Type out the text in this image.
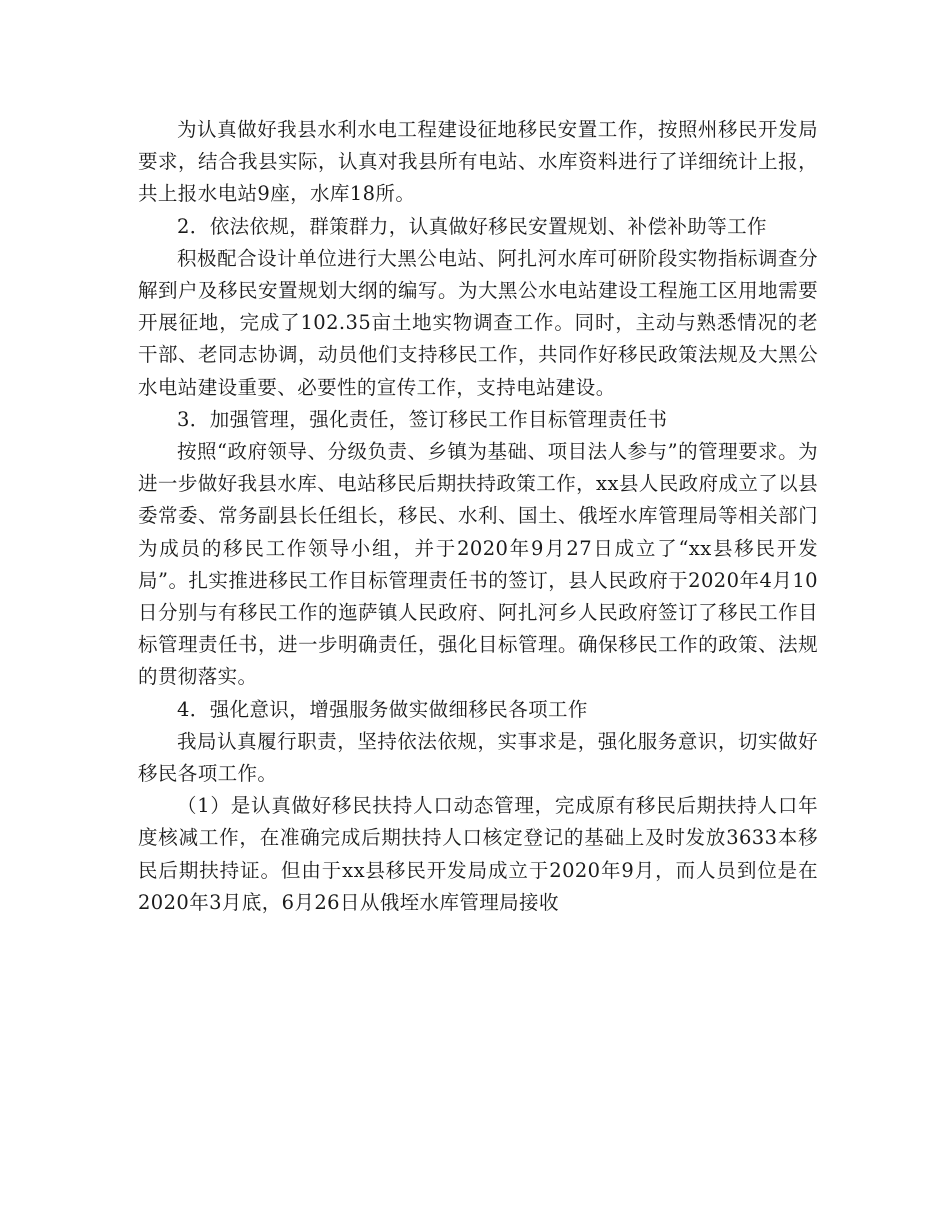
为认真做好我县水利水电工程建设征地移民安置工作，按照州移民开发局要求，结合我县实际，认真对我县所有电站、水库资料进行了详细统计上报，共上报水电站9座，水库18所。

2．依法依规，群策群力，认真做好移民安置规划、补偿补助等工作

积极配合设计单位进行大黑公电站、阿扎河水库可研阶段实物指标调查分解到户及移民安置规划大纲的编写。为大黑公水电站建设工程施工区用地需要开展征地，完成了102.35亩土地实物调查工作。同时，主动与熟悉情况的老干部、老同志协调，动员他们支持移民工作，共同作好移民政策法规及大黑公水电站建设重要、必要性的宣传工作，支持电站建设。

3．加强管理，强化责任，签订移民工作目标管理责任书

按照“政府领导、分级负责、乡镇为基础、项目法人参与”的管理要求。为进一步做好我县水库、电站移民后期扶持政策工作，xx县人民政府成立了以县委常委、常务副县长任组长，移民、水利、国土、俄垤水库管理局等相关部门为成员的移民工作领导小组，并于2020年9月27日成立了“xx县移民开发局”。扎实推进移民工作目标管理责任书的签订，县人民政府于2020年4月10日分别与有移民工作的迤萨镇人民政府、阿扎河乡人民政府签订了移民工作目标管理责任书，进一步明确责任，强化目标管理。确保移民工作的政策、法规的贯彻落实。

4．强化意识，增强服务做实做细移民各项工作

我局认真履行职责，坚持依法依规，实事求是，强化服务意识，切实做好移民各项工作。

（1）是认真做好移民扶持人口动态管理，完成原有移民后期扶持人口年度核减工作，在准确完成后期扶持人口核定登记的基础上及时发放3633本移民后期扶持证。但由于xx县移民开发局成立于2020年9月，而人员到位是在2020年3月底，6月26日从俄垤水库管理局接收
